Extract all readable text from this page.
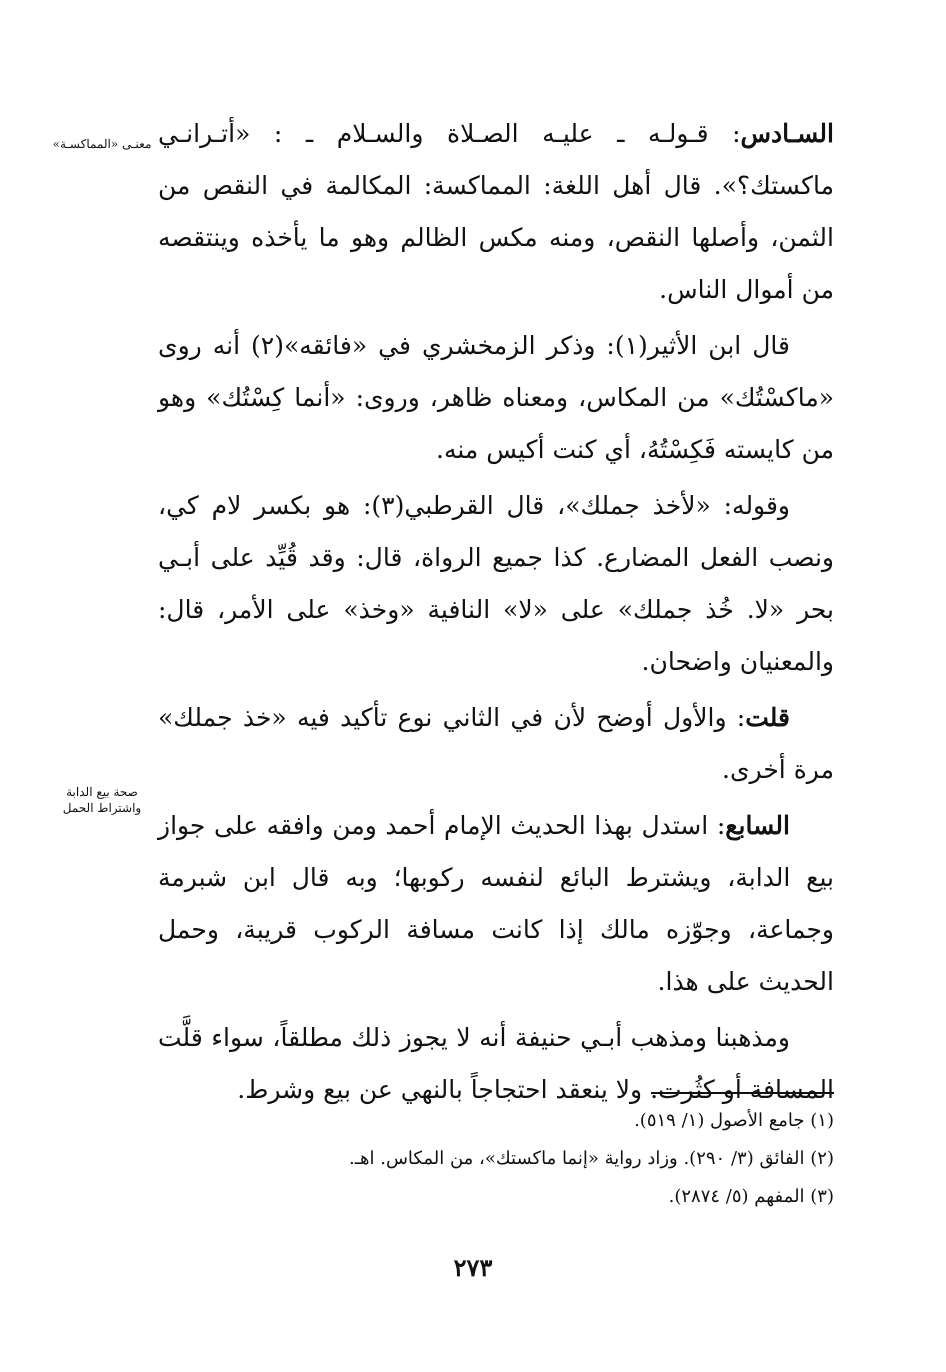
معنـى «المماكسـة»
صحة بيع الدابة واشتراط الحمل

السـادس: قـولـه ـ عليـه الصـلاة والسـلام ـ : «أتـرانـي ماكستك؟». قال أهل اللغة: المماكسة: المكالمة في النقص من الثمن، وأصلها النقص، ومنه مكس الظالم وهو ما يأخذه وينتقصه من أموال الناس.

قال ابن الأثير(١): وذكر الزمخشري في «فائقه»(٢) أنه روى «ماكسْتُك» من المكاس، ومعناه ظاهر، وروى: «أنما كِسْتُك» وهو من كايسته فَكِسْتُهُ، أي كنت أكيس منه.

وقوله: «لأخذ جملك»، قال القرطبي(٣): هو بكسر لام كي، ونصب الفعل المضارع. كذا جميع الرواة، قال: وقد قُيِّد على أبـي بحر «لا. خُذ جملك» على «لا» النافية «وخذ» على الأمر، قال: والمعنيان واضحان.

قلت: والأول أوضح لأن في الثاني نوع تأكيد فيه «خذ جملك» مرة أخرى.

السابع: استدل بهذا الحديث الإمام أحمد ومن وافقه على جواز بيع الدابة، ويشترط البائع لنفسه ركوبها؛ وبه قال ابن شبرمة وجماعة، وجوّزه مالك إذا كانت مسافة الركوب قريبة، وحمل الحديث على هذا.

ومذهبنا ومذهب أبـي حنيفة أنه لا يجوز ذلك مطلقاً، سواء قلَّت المسافة أو كثُرت. ولا ينعقد احتجاجاً بالنهي عن بيع وشرط.

(١) جامع الأصول (١/ ٥١٩).
(٢) الفائق (٣/ ٢٩٠). وزاد رواية «إنما ماكستك»، من المكاس. اهـ.
(٣) المفهم (٥/ ٢٨٧٤).
٢٧٣
